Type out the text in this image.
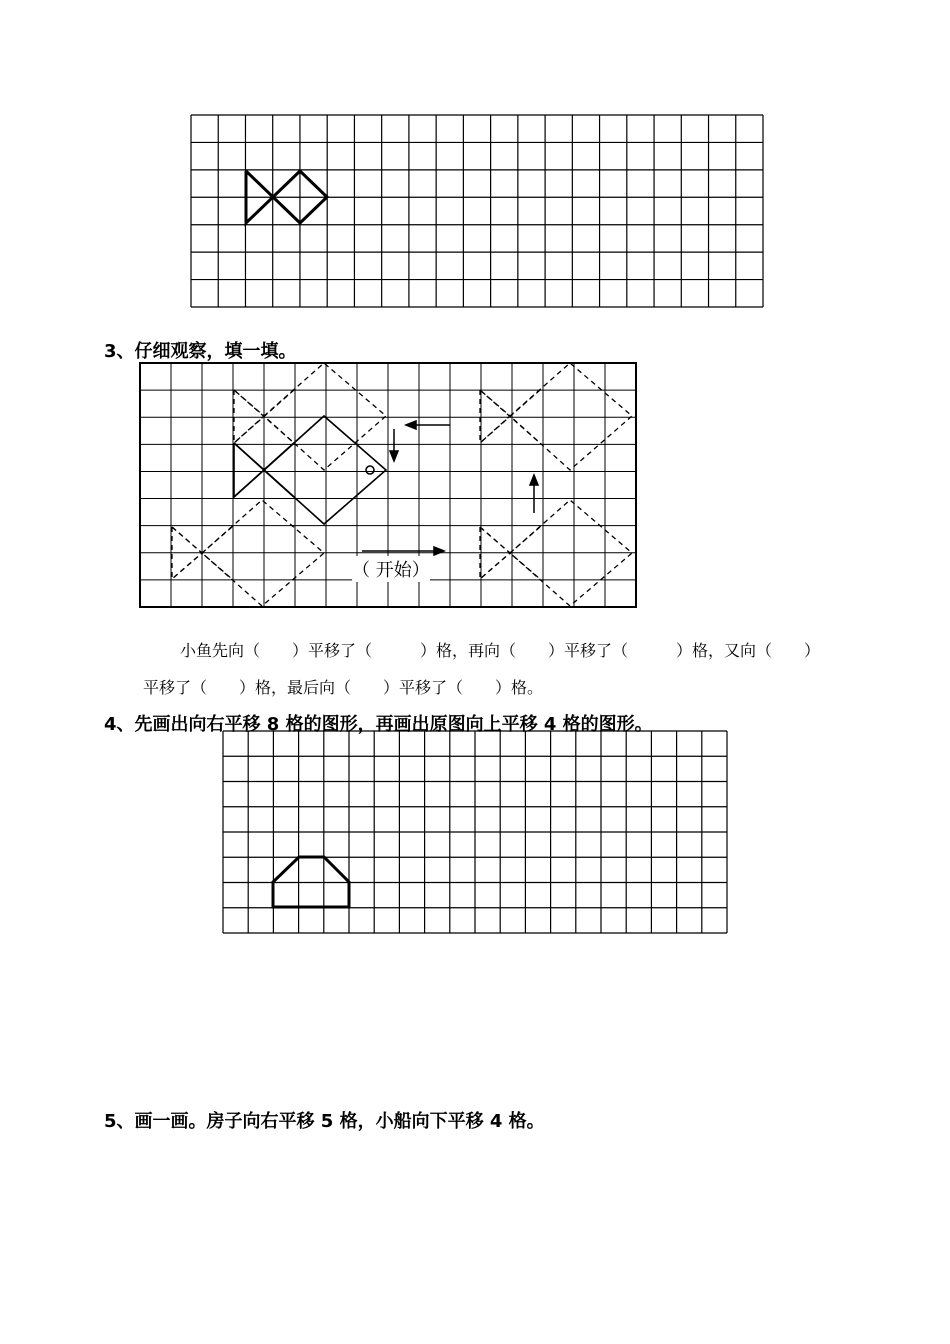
3、仔细观察，填一填。
（ 开始）
小鱼先向（　　）平移了（　　　）格，再向（　　）平移了（　　　）格，又向（　　）
平移了（　　）格，最后向（　　）平移了（　　）格。
4、先画出向右平移 8 格的图形，再画出原图向上平移 4 格的图形。
5、画一画。房子向右平移 5 格，小船向下平移 4 格。
